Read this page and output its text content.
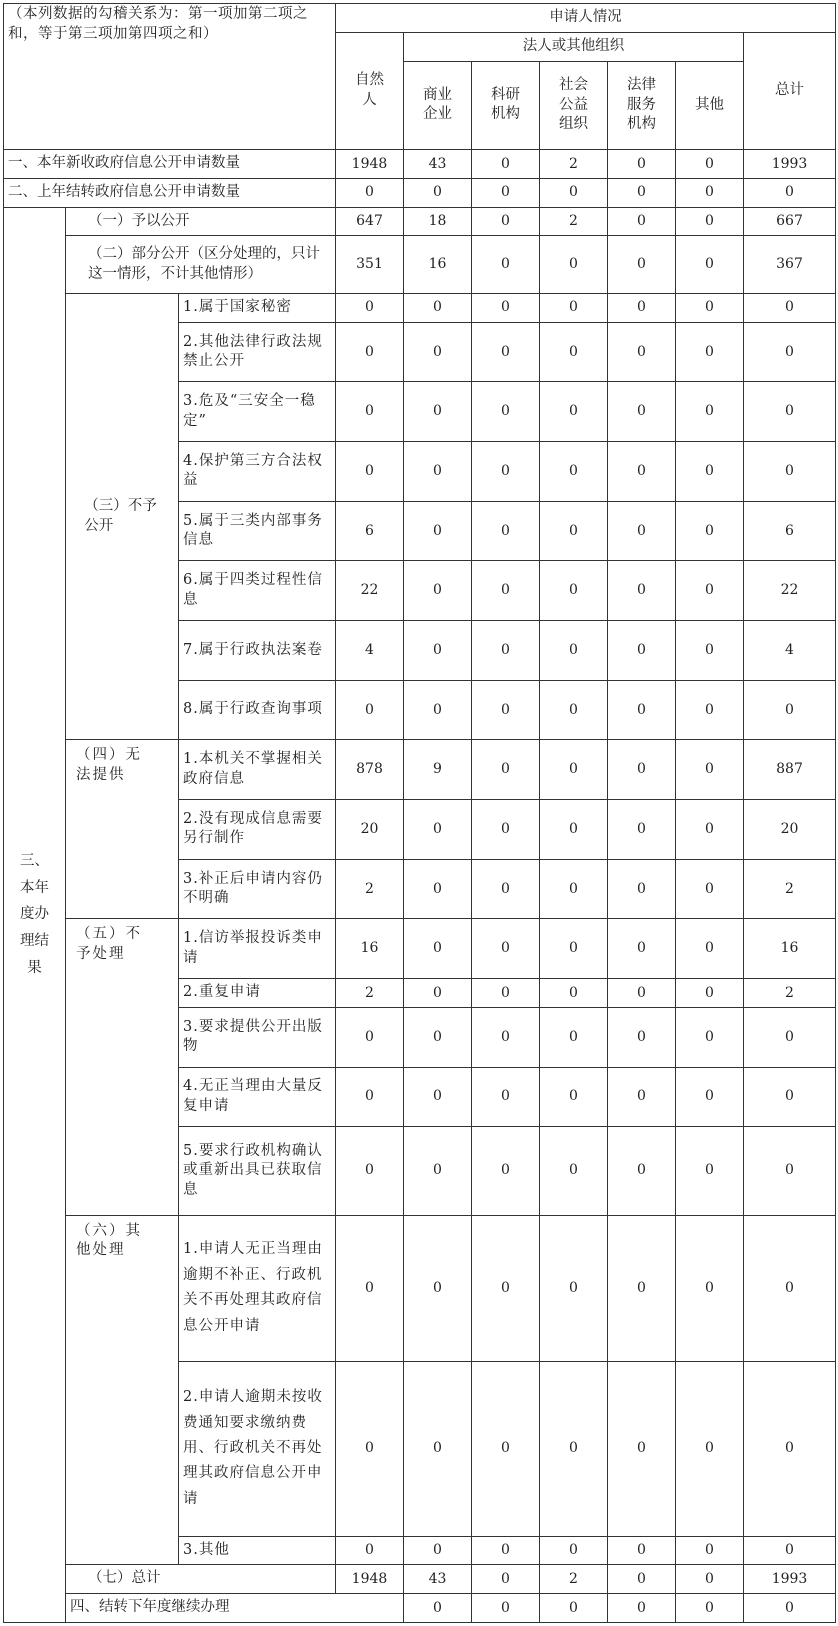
（本列数据的勾稽关系为：第一项加第二项之和，等于第三项加第四项之和）			申请人情况							
			自然人	法人或其他组织					总计	
				商业企业	科研机构	社会公益组织	法律服务机构	其他		
一、本年新收政府信息公开申请数量			1948	43	0	2	0	0	1993	
二、上年结转政府信息公开申请数量			0	0	0	0	0	0	0	

三、本年度办理结果	（一）予以公开		647	18	0	2	0	0	667	
	（二）部分公开（区分处理的，只计这一情形，不计其他情形）		351	16	0	0	0	0	367	

	（三）不予公开	1.属于国家秘密	0	0	0	0	0	0	0	
		2.其他法律行政法规禁止公开	0	0	0	0	0	0	0	
		3.危及“三安全一稳定”	0	0	0	0	0	0	0	
		4.保护第三方合法权益	0	0	0	0	0	0	0	
		5.属于三类内部事务信息	6	0	0	0	0	0	6	
		6.属于四类过程性信息	22	0	0	0	0	0	22	
		7.属于行政执法案卷	4	0	0	0	0	0	4	
		8.属于行政查询事项	0	0	0	0	0	0	0	

	（四）无法提供	1.本机关不掌握相关政府信息	878	9	0	0	0	0	887	
		2.没有现成信息需要另行制作	20	0	0	0	0	0	20	
		3.补正后申请内容仍不明确	2	0	0	0	0	0	2	

	（五）不予处理	1.信访举报投诉类申请	16	0	0	0	0	0	16	
		2.重复申请	2	0	0	0	0	0	2	
		3.要求提供公开出版物	0	0	0	0	0	0	0	
		4.无正当理由大量反复申请	0	0	0	0	0	0	0	
		5.要求行政机构确认或重新出具已获取信息	0	0	0	0	0	0	0	

	（六）其他处理	1.申请人无正当理由逾期不补正、行政机关不再处理其政府信息公开申请	0	0	0	0	0	0	0	
		2.申请人逾期未按收费通知要求缴纳费用、行政机关不再处理其政府信息公开申请	0	0	0	0	0	0	0	
		3.其他	0	0	0	0	0	0	0	
	（七）总计		1948	43	0	2	0	0	1993	
	四、结转下年度继续办理			0	0	0	0	0	0	
